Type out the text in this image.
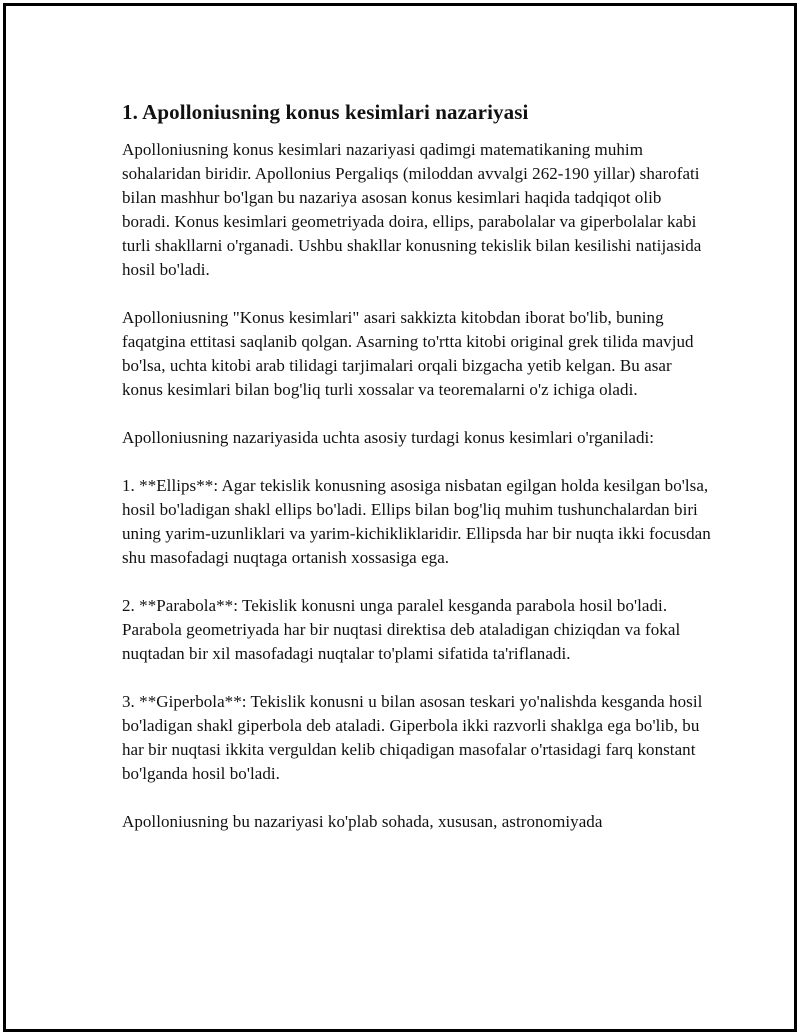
1. Apolloniusning konus kesimlari nazariyasi

Apolloniusning konus kesimlari nazariyasi qadimgi matematikaning muhim sohalaridan biridir. Apollonius Pergaliqs (miloddan avvalgi 262-190 yillar) sharofati bilan mashhur bo'lgan bu nazariya asosan konus kesimlari haqida tadqiqot olib boradi. Konus kesimlari geometriyada doira, ellips, parabolalar va giperbolalar kabi turli shakllarni o'rganadi. Ushbu shakllar konusning tekislik bilan kesilishi natijasida hosil bo'ladi.

Apolloniusning "Konus kesimlari" asari sakkizta kitobdan iborat bo'lib, buning faqatgina ettitasi saqlanib qolgan. Asarning to'rtta kitobi original grek tilida mavjud bo'lsa, uchta kitobi arab tilidagi tarjimalari orqali bizgacha yetib kelgan. Bu asar konus kesimlari bilan bog'liq turli xossalar va teoremalarni o'z ichiga oladi.

Apolloniusning nazariyasida uchta asosiy turdagi konus kesimlari o'rganiladi:

1. **Ellips**: Agar tekislik konusning asosiga nisbatan egilgan holda kesilgan bo'lsa, hosil bo'ladigan shakl ellips bo'ladi. Ellips bilan bog'liq muhim tushunchalardan biri uning yarim-uzunliklari va yarim-kichikliklaridir. Ellipsda har bir nuqta ikki focusdan shu masofadagi nuqtaga ortanish xossasiga ega.

2. **Parabola**: Tekislik konusni unga paralel kesganda parabola hosil bo'ladi. Parabola geometriyada har bir nuqtasi direktisa deb ataladigan chiziqdan va fokal nuqtadan bir xil masofadagi nuqtalar to'plami sifatida ta'riflanadi.

3. **Giperbola**: Tekislik konusni u bilan asosan teskari yo'nalishda kesganda hosil bo'ladigan shakl giperbola deb ataladi. Giperbola ikki razvorli shaklga ega bo'lib, bu har bir nuqtasi ikkita verguldan kelib chiqadigan masofalar o'rtasidagi farq konstant bo'lganda hosil bo'ladi.

Apolloniusning bu nazariyasi ko'plab sohada, xususan, astronomiyada
